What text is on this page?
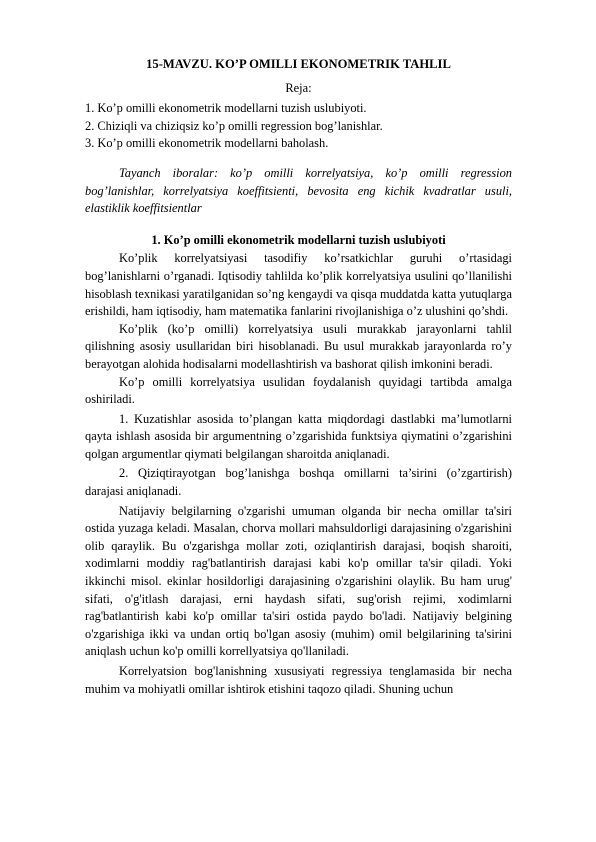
15-MAVZU. KO’P OMILLI EKONOMETRIK TAHLIL
Reja:
1. Ko’p omilli ekonometrik modellarni tuzish uslubiyoti.
2. Chiziqli va chiziqsiz ko’p omilli regression bog’lanishlar.
3. Ko’p omilli ekonometrik modellarni baholash.

Tayanch iboralar: ko’p omilli korrelyatsiya, ko’p omilli regression bog’lanishlar, korrelyatsiya koeffitsienti, bevosita eng kichik kvadratlar usuli, elastiklik koeffitsientlar

1. Ko’p omilli ekonometrik modellarni tuzish uslubiyoti

Ko’plik korrelyatsiyasi tasodifiy ko’rsatkichlar guruhi o’rtasidagi bog’lanishlarni o’rganadi. Iqtisodiy tahlilda ko’plik korrelyatsiya usulini qo’llanilishi hisoblash texnikasi yaratilganidan so’ng kengaydi va qisqa muddatda katta yutuqlarga erishildi, ham iqtisodiy, ham matematika fanlarini rivojlanishiga o’z ulushini qo’shdi.

Ko’plik (ko’p omilli) korrelyatsiya usuli murakkab jarayonlarni tahlil qilishning asosiy usullaridan biri hisoblanadi. Bu usul murakkab jarayonlarda ro’y berayotgan alohida hodisalarni modellashtirish va bashorat qilish imkonini beradi.

Ko’p omilli korrelyatsiya usulidan foydalanish quyidagi tartibda amalga oshiriladi.

1. Kuzatishlar asosida to’plangan katta miqdordagi dastlabki ma’lumotlarni qayta ishlash asosida bir argumentning o’zgarishida funktsiya qiymatini o’zgarishini qolgan argumentlar qiymati belgilangan sharoitda aniqlanadi.

2. Qiziqtirayotgan bog’lanishga boshqa omillarni ta’sirini (o’zgartirish) darajasi aniqlanadi.

Natijaviy belgilarning o'zgarishi umuman olganda bir necha omillar ta'siri ostida yuzaga keladi. Masalan, chorva mollari mahsuldorligi darajasining o'zgarishini olib qaraylik. Bu o'zgarishga mollar zoti, oziqlantirish darajasi, boqish sharoiti, xodimlarni moddiy rag'batlantirish darajasi kabi ko'p omillar ta'sir qiladi. Yoki ikkinchi misol. ekinlar hosildorligi darajasining o'zgarishini olaylik. Bu ham urug' sifati, o'g'itlash darajasi, erni haydash sifati, sug'orish rejimi, xodimlarni rag'batlantirish kabi ko'p omillar ta'siri ostida paydo bo'ladi. Natijaviy belgining o'zgarishiga ikki va undan ortiq bo'lgan asosiy (muhim) omil belgilarining ta'sirini aniqlash uchun ko'p omilli korrellyatsiya qo'llaniladi.

Korrelyatsion bog'lanishning xususiyati regressiya tenglamasida bir necha muhim va mohiyatli omillar ishtirok etishini taqozo qiladi. Shuning uchun
